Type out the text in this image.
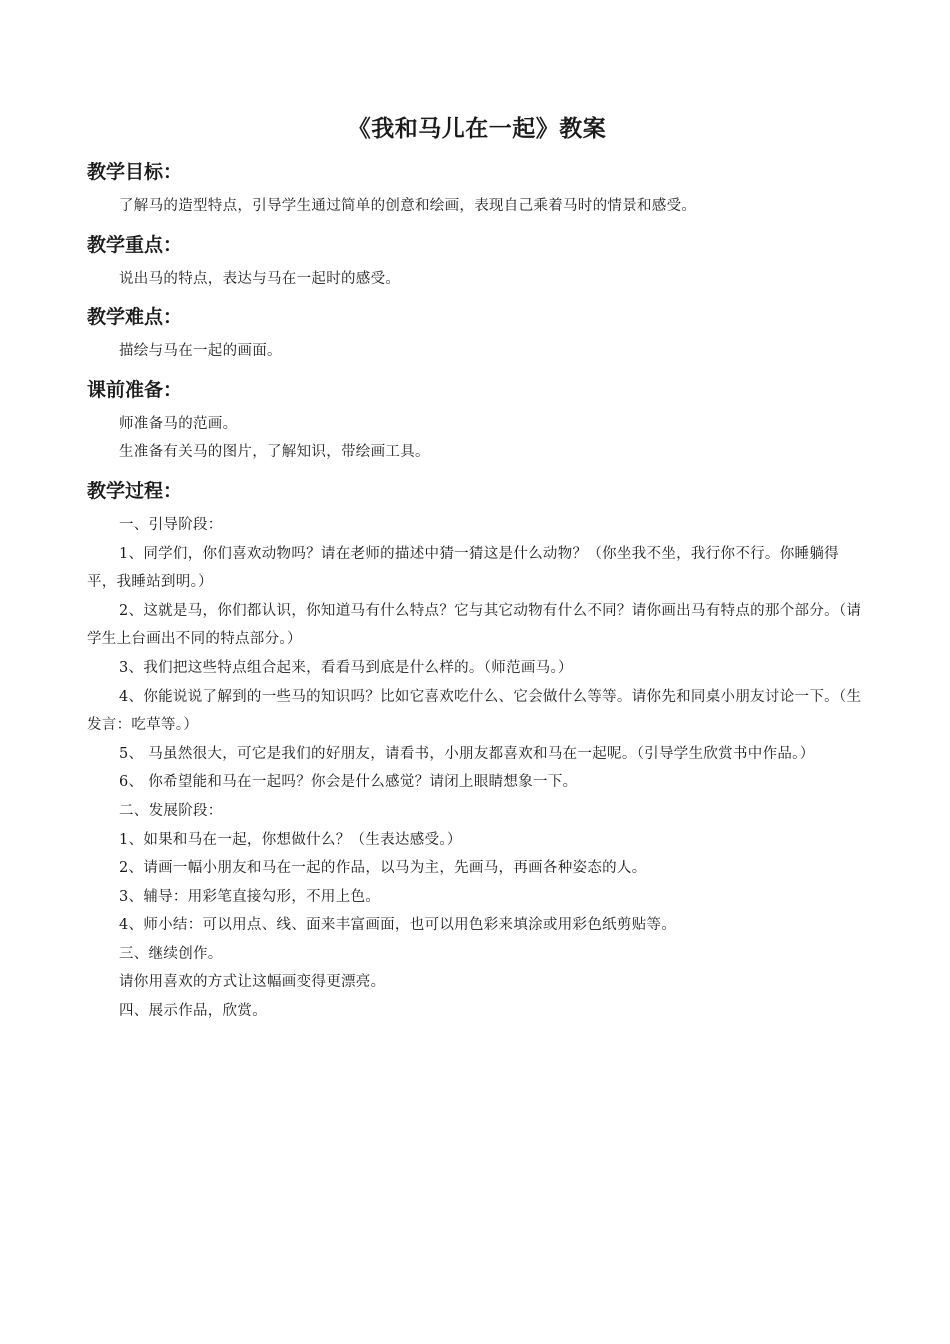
《我和马儿在一起》教案
教学目标：

了解马的造型特点，引导学生通过简单的创意和绘画，表现自己乘着马时的情景和感受。

教学重点：

说出马的特点，表达与马在一起时的感受。

教学难点：

描绘与马在一起的画面。

课前准备：

师准备马的范画。

生准备有关马的图片，了解知识，带绘画工具。

教学过程：

一、引导阶段：

1、同学们，你们喜欢动物吗？请在老师的描述中猜一猜这是什么动物？（你坐我不坐，我行你不行。你睡躺得平，我睡站到明。）

2、这就是马，你们都认识，你知道马有什么特点？它与其它动物有什么不同？请你画出马有特点的那个部分。（请学生上台画出不同的特点部分。）

3、我们把这些特点组合起来，看看马到底是什么样的。（师范画马。）

4、你能说说了解到的一些马的知识吗？比如它喜欢吃什么、它会做什么等等。请你先和同桌小朋友讨论一下。（生发言：吃草等。）

5、 马虽然很大，可它是我们的好朋友，请看书，小朋友都喜欢和马在一起呢。（引导学生欣赏书中作品。）

6、 你希望能和马在一起吗？你会是什么感觉？请闭上眼睛想象一下。

二、发展阶段：

1、如果和马在一起，你想做什么？（生表达感受。）

2、请画一幅小朋友和马在一起的作品，以马为主，先画马，再画各种姿态的人。

3、辅导：用彩笔直接勾形，不用上色。

4、师小结：可以用点、线、面来丰富画面，也可以用色彩来填涂或用彩色纸剪贴等。

三、继续创作。

请你用喜欢的方式让这幅画变得更漂亮。

四、展示作品，欣赏。
